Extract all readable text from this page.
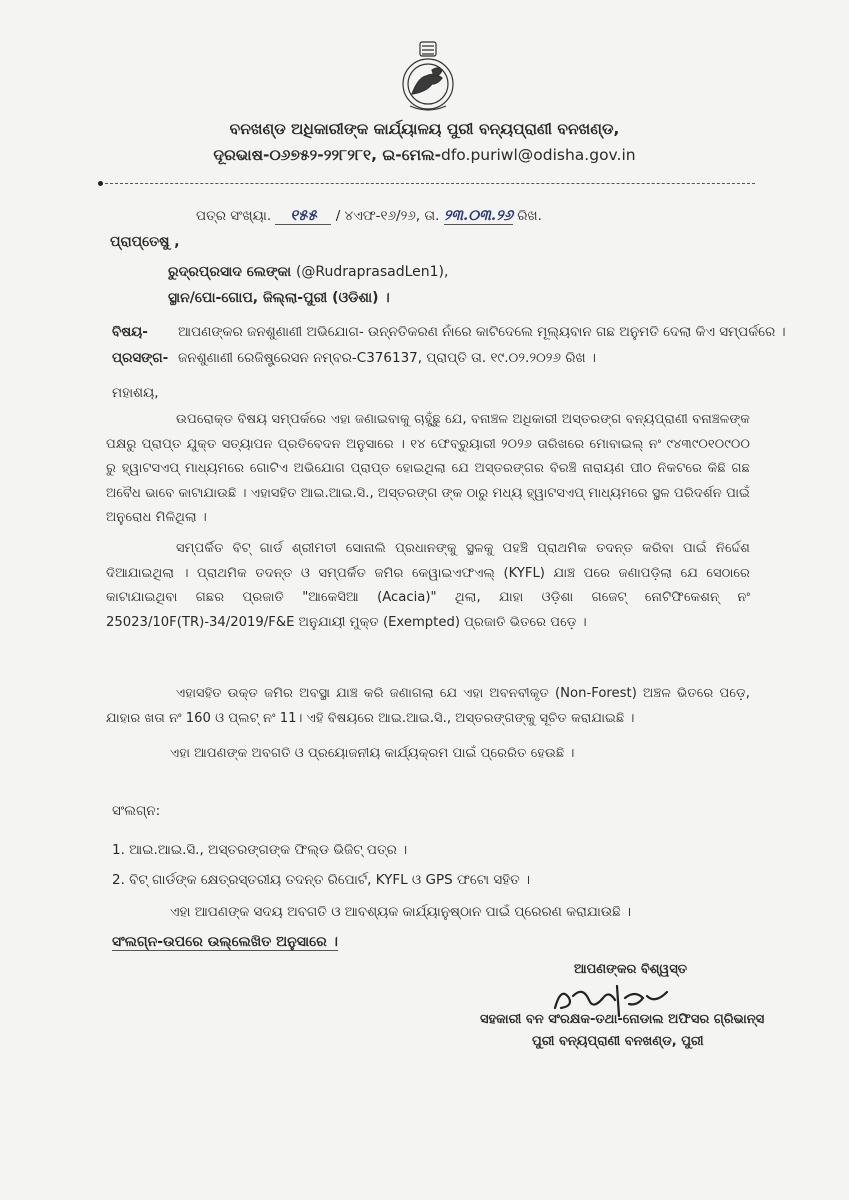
ବନଖଣ୍ଡ ଅଧିକାରୀଙ୍କ କାର୍ଯ୍ୟାଳୟ ପୁରୀ ବନ୍ୟପ୍ରାଣୀ ବନଖଣ୍ଡ,
ଦୂରଭାଷ-୦୬୭୫୨-୨୨୮୨୮୧, ଇ-ମେଲ-dfo.puriwl@odisha.gov.in
ପତ୍ର ସଂଖ୍ୟା. ୧୫୫ / ୪ଏଫ-୧୬/୨୬, ତା. ୨୩.୦୩.୨୬ ରିଖ.
ପ୍ରାପ୍ତେଷୁ ,
ରୁଦ୍ରପ୍ରସାଦ ଲେଙ୍କା (@RudraprasadLen1),
ସ୍ଥାନ/ପୋ-ଗୋପ, ଜିଲ୍ଲା-ପୁରୀ (ଓଡିଶା) ।
ବିଷୟ- ଆପଣଙ୍କର ଜନଶୁଣାଣୀ ଅଭିଯୋଗ- ଉନ୍ନତିକରଣ ନାଁରେ କାଟିଦେଲେ ମୂଲ୍ୟବାନ ଗଛ ଅନୁମତି ଦେଲା କିଏ ସମ୍ପର୍କରେ ।
ପ୍ରସଙ୍ଗ- ଜନଶୁଣାଣୀ ରେଜିଷ୍ଟ୍ରେସନ ନମ୍ବର-C376137, ପ୍ରାପ୍ତି ତା. ୧୯.୦୨.୨୦୨୬ ରିଖ ।
ମହାଶୟ,
ଉପରୋକ୍ତ ବିଷୟ ସମ୍ପର୍କରେ ଏହା ଜଣାଇବାକୁ ଚାହୁଁଛୁ ଯେ, ବନାଞ୍ଚଳ ଅଧିକାରୀ ଅସ୍ତରଙ୍ଗ ବନ୍ୟପ୍ରାଣୀ ବନାଞ୍ଚଳଙ୍କ ପକ୍ଷରୁ ପ୍ରାପ୍ତ ଯୁକ୍ତ ସତ୍ୟାପନ ପ୍ରତିବେଦନ ଅନୁସାରେ । ୧୪ ଫେବ୍ରୁୟାରୀ ୨୦୨୬ ତାରିଖରେ ମୋବାଇଲ୍ ନଂ ୯୪୩୯୦୧୦୯୦୦ ରୁ ହ୍ୱାଟସଏପ୍ ମାଧ୍ୟମରେ ଗୋଟିଏ ଅଭିଯୋଗ ପ୍ରାପ୍ତ ହୋଇଥିଲା ଯେ ଅସ୍ତରଙ୍ଗର ବିରଞ୍ଚି ନାରାୟଣ ପୀଠ ନିକଟରେ କିଛି ଗଛ ଅବୈଧ ଭାବେ କାଟାଯାଉଛି । ଏହାସହିତ ଆଇ.ଆଇ.ସି., ଅସ୍ତରଙ୍ଗ ଙ୍କ ଠାରୁ ମଧ୍ୟ ହ୍ୱାଟସଏପ୍ ମାଧ୍ୟମରେ ସ୍ଥଳ ପରିଦର୍ଶନ ପାଇଁ ଅନୁରୋଧ ମିଳିଥିଲା ।
ସମ୍ପର୍କିତ ବିଟ୍ ଗାର୍ଡ ଶ୍ରୀମତୀ ସୋନାଲି ପ୍ରଧାନଙ୍କୁ ସ୍ଥଳକୁ ପହଞ୍ଚି ପ୍ରାଥମିକ ତଦନ୍ତ କରିବା ପାଇଁ ନିର୍ଦ୍ଦେଶ ଦିଆଯାଇଥିଲା । ପ୍ରାଥମିକ ତଦନ୍ତ ଓ ସମ୍ପର୍କିତ ଜମିର କେୱାଇଏଫଏଲ୍ (KYFL) ଯାଞ୍ଚ ପରେ ଜଣାପଡ଼ିଲା ଯେ ସେଠାରେ କାଟାଯାଇଥିବା ଗଛର ପ୍ରଜାତି "ଆକେସିଆ (Acacia)" ଥିଲା, ଯାହା ଓଡ଼ିଶା ଗଜେଟ୍ ନୋଟିଫିକେଶନ୍ ନଂ 25023/10F(TR)-34/2019/F&E ଅନୁଯାୟୀ ମୁକ୍ତ (Exempted) ପ୍ରଜାତି ଭିତରେ ପଡ଼େ ।
ଏହାସହିତ ଉକ୍ତ ଜମିର ଅବସ୍ଥା ଯାଞ୍ଚ କରି ଜଣାଗଲା ଯେ ଏହା ଅବନବୀକୃତ (Non-Forest) ଅଞ୍ଚଳ ଭିତରେ ପଡ଼େ, ଯାହାର ଖତା ନଂ 160 ଓ ପ୍ଲଟ୍ ନଂ 11। ଏହି ବିଷୟରେ ଆଇ.ଆଇ.ସି., ଅସ୍ତରଙ୍ଗଙ୍କୁ ସୂଚିତ କରାଯାଇଛି ।
ଏହା ଆପଣଙ୍କ ଅବଗତି ଓ ପ୍ରୟୋଜନୀୟ କାର୍ଯ୍ୟକ୍ରମ ପାଇଁ ପ୍ରେରିତ ହେଉଛି ।
ସଂଲଗ୍ନ:
1. ଆଇ.ଆଇ.ସି., ଅସ୍ତରଙ୍ଗଙ୍କ ଫିଲ୍ଡ ଭିଜିଟ୍ ପତ୍ର ।
2. ବିଟ୍ ଗାର୍ଡଙ୍କ କ୍ଷେତ୍ରସ୍ତରୀୟ ତଦନ୍ତ ରିପୋର୍ଟ, KYFL ଓ GPS ଫଟୋ ସହିତ ।
ଏହା ଆପଣଙ୍କ ସଦୟ ଅବଗତି ଓ ଆବଶ୍ୟକ କାର୍ଯ୍ୟାନୁଷ୍ଠାନ ପାଇଁ ପ୍ରେରଣ କରାଯାଉଛି ।
ସଂଲଗ୍ନ-ଉପରେ ଉଲ୍ଲେଖିତ ଅନୁସାରେ ।
ଆପଣଙ୍କର ବିଶ୍ୱସ୍ତ
ସହକାରୀ ବନ ସଂରକ୍ଷକ-ତଥା-ନୋଡାଲ ଅଫିସର ଗ୍ରିଭାନ୍ସ
ପୁରୀ ବନ୍ୟପ୍ରାଣୀ ବନଖଣ୍ଡ, ପୁରୀ
